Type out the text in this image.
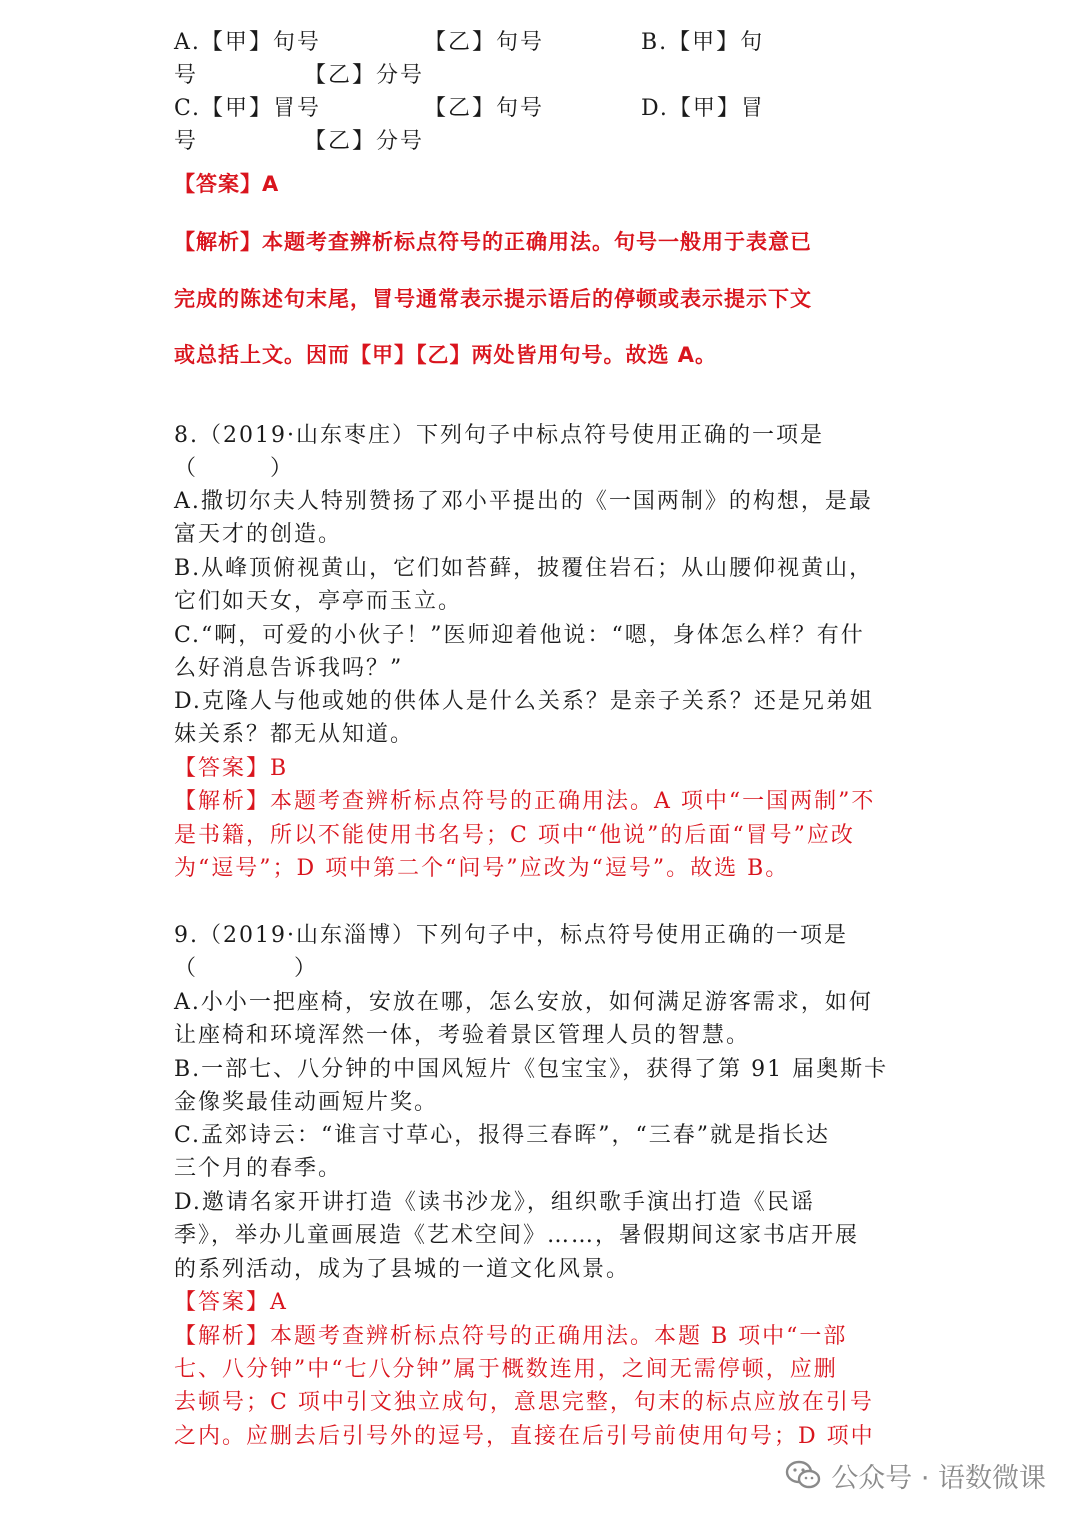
A.【甲】句号	【乙】句号	B.【甲】句
号	【乙】分号
C.【甲】冒号	【乙】句号	D.【甲】冒
号	【乙】分号
【答案】A
【解析】本题考查辨析标点符号的正确用法。句号一般用于表意已
完成的陈述句末尾，冒号通常表示提示语后的停顿或表示提示下文
或总括上文。因而【甲】【乙】两处皆用句号。故选 A。
8.（2019·山东枣庄）下列句子中标点符号使用正确的一项是
（　　　）
A.撒切尔夫人特别赞扬了邓小平提出的《一国两制》的构想，是最
富天才的创造。
B.从峰顶俯视黄山，它们如苔藓，披覆住岩石；从山腰仰视黄山，
它们如天女，亭亭而玉立。
C.“啊，可爱的小伙子！”医师迎着他说：“嗯，身体怎么样？有什
么好消息告诉我吗？”
D.克隆人与他或她的供体人是什么关系？是亲子关系？还是兄弟姐
妹关系？都无从知道。
【答案】B
【解析】本题考查辨析标点符号的正确用法。A 项中“一国两制”不
是书籍，所以不能使用书名号；C 项中“他说”的后面“冒号”应改
为“逗号”；D 项中第二个“问号”应改为“逗号”。故选 B。
9.（2019·山东淄博）下列句子中，标点符号使用正确的一项是
（　　　　）
A.小小一把座椅，安放在哪，怎么安放，如何满足游客需求，如何
让座椅和环境浑然一体，考验着景区管理人员的智慧。
B.一部七、八分钟的中国风短片《包宝宝》，获得了第 91 届奥斯卡
金像奖最佳动画短片奖。
C.孟郊诗云：“谁言寸草心，报得三春晖”，“三春”就是指长达
三个月的春季。
D.邀请名家开讲打造《读书沙龙》，组织歌手演出打造《民谣
季》，举办儿童画展造《艺术空间》……，暑假期间这家书店开展
的系列活动，成为了县城的一道文化风景。
【答案】A
【解析】本题考查辨析标点符号的正确用法。本题 B 项中“一部
七、八分钟”中“七八分钟”属于概数连用，之间无需停顿，应删
去顿号；C 项中引文独立成句，意思完整，句末的标点应放在引号
之内。应删去后引号外的逗号，直接在后引号前使用句号；D 项中
公众号 · 语数微课
